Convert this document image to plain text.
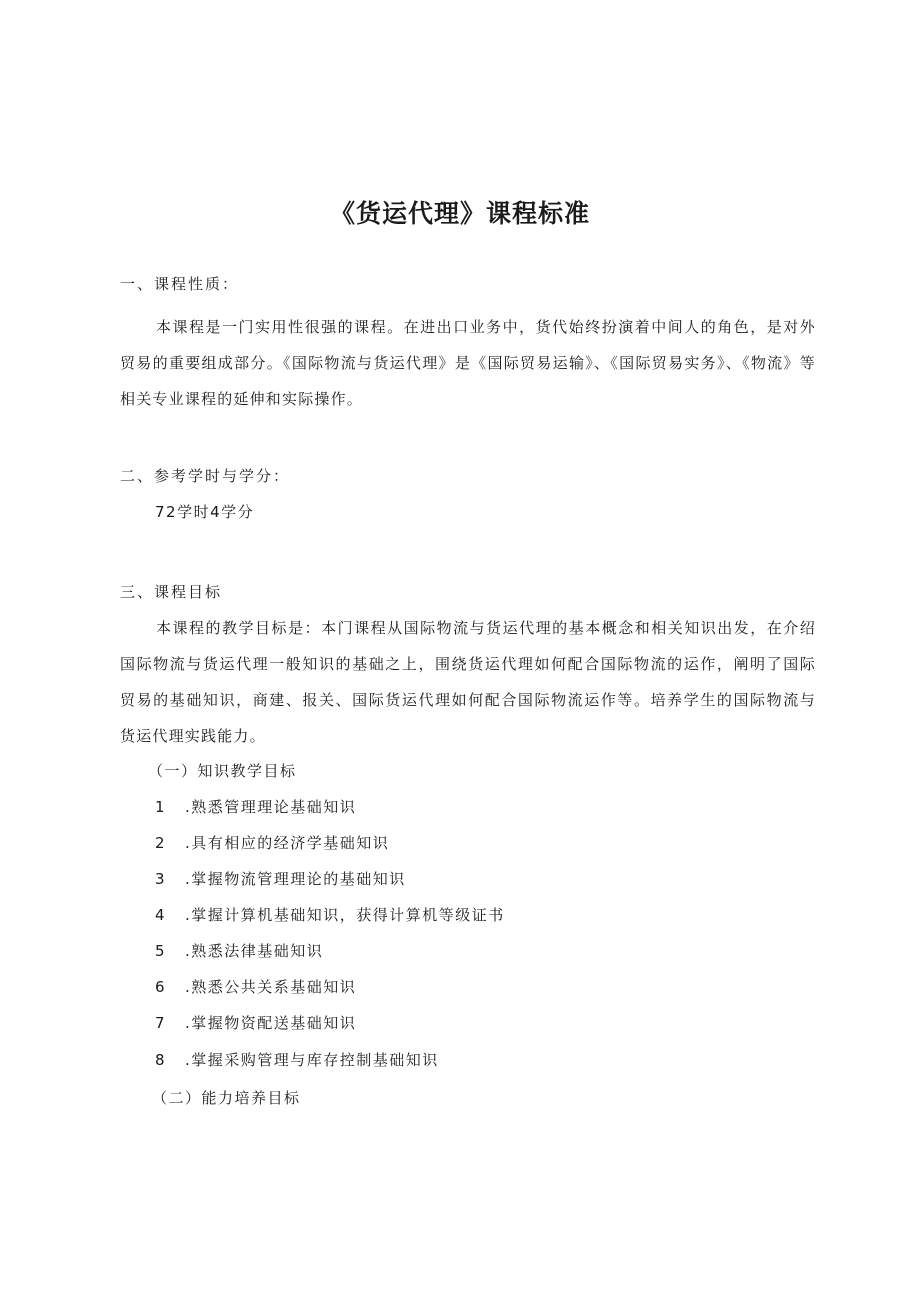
《货运代理》课程标准

一、课程性质：

本课程是一门实用性很强的课程。在进出口业务中，货代始终扮演着中间人的角色，是对外贸易的重要组成部分。《国际物流与货运代理》是《国际贸易运输》、《国际贸易实务》、《物流》等相关专业课程的延伸和实际操作。

二、参考学时与学分：

72学时4学分

三、课程目标

本课程的教学目标是：本门课程从国际物流与货运代理的基本概念和相关知识出发，在介绍国际物流与货运代理一般知识的基础之上，围绕货运代理如何配合国际物流的运作，阐明了国际贸易的基础知识，商建、报关、国际货运代理如何配合国际物流运作等。培养学生的国际物流与货运代理实践能力。

（一）知识教学目标

1 .熟悉管理理论基础知识
2 .具有相应的经济学基础知识
3 .掌握物流管理理论的基础知识
4 .掌握计算机基础知识，获得计算机等级证书
5 .熟悉法律基础知识
6 .熟悉公共关系基础知识
7 .掌握物资配送基础知识
8 .掌握采购管理与库存控制基础知识

（二）能力培养目标
